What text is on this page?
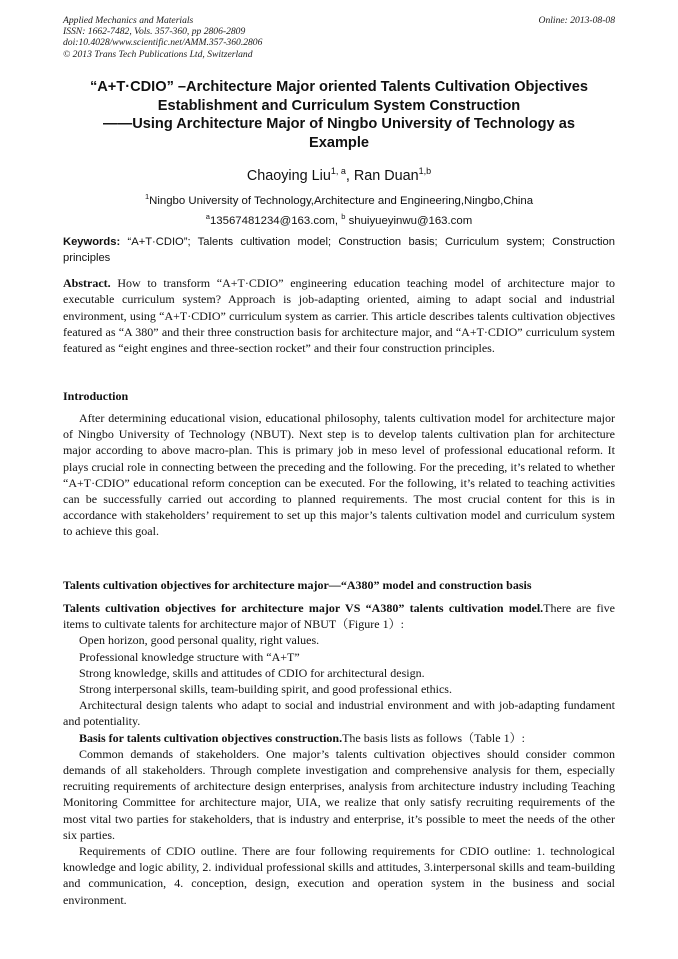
Applied Mechanics and Materials
ISSN: 1662-7482, Vols. 357-360, pp 2806-2809
doi:10.4028/www.scientific.net/AMM.357-360.2806
© 2013 Trans Tech Publications Ltd, Switzerland
Online: 2013-08-08
“A+T·CDIO” –Architecture Major oriented Talents Cultivation Objectives
Establishment and Curriculum System Construction
——Using Architecture Major of Ningbo University of Technology as
Example
Chaoying Liu$^{1, a}$, Ran Duan$^{1,b}$
$^1$Ningbo University of Technology,Architecture and Engineering,Ningbo,China
$^a$13567481234@163.com, $^b$ shuiyueyinwu@163.com
Keywords: “A+T·CDIO”; Talents cultivation model; Construction basis; Curriculum system; Construction principles

Abstract. How to transform “A+T·CDIO” engineering education teaching model of architecture major to executable curriculum system? Approach is job-adapting oriented, aiming to adapt social and industrial environment, using “A+T·CDIO” curriculum system as carrier. This article describes talents cultivation objectives featured as “A 380” and their three construction basis for architecture major, and “A+T·CDIO” curriculum system featured as “eight engines and three-section rocket” and their four construction principles.

Introduction

After determining educational vision, educational philosophy, talents cultivation model for architecture major of Ningbo University of Technology (NBUT). Next step is to develop talents cultivation plan for architecture major according to above macro-plan. This is primary job in meso level of professional educational reform. It plays crucial role in connecting between the preceding and the following. For the preceding, it’s related to whether “A+T·CDIO” educational reform conception can be executed. For the following, it’s related to teaching activities can be successfully carried out according to planned requirements. The most crucial content for this is in accordance with stakeholders’ requirement to set up this major’s talents cultivation model and curriculum system to achieve this goal.

Talents cultivation objectives for architecture major—“A380” model and construction basis

Talents cultivation objectives for architecture major VS “A380” talents cultivation model.There are five items to cultivate talents for architecture major of NBUT（Figure 1）:

Open horizon, good personal quality, right values.

Professional knowledge structure with “A+T”

Strong knowledge, skills and attitudes of CDIO for architectural design.

Strong interpersonal skills, team-building spirit, and good professional ethics.

Architectural design talents who adapt to social and industrial environment and with job-adapting fundament and potentiality.

Basis for talents cultivation objectives construction.The basis lists as follows（Table 1）:

Common demands of stakeholders. One major’s talents cultivation objectives should consider common demands of all stakeholders. Through complete investigation and comprehensive analysis for them, especially recruiting requirements of architecture design enterprises, analysis from architecture industry including Teaching Monitoring Committee for architecture major, UIA, we realize that only satisfy recruiting requirements of the most vital two parties for stakeholders, that is industry and enterprise, it’s possible to meet the needs of the other six parties.

Requirements of CDIO outline. There are four following requirements for CDIO outline: 1. technological knowledge and logic ability, 2. individual professional skills and attitudes, 3.interpersonal skills and team-building and communication, 4. conception, design, execution and operation system in the business and social environment.
